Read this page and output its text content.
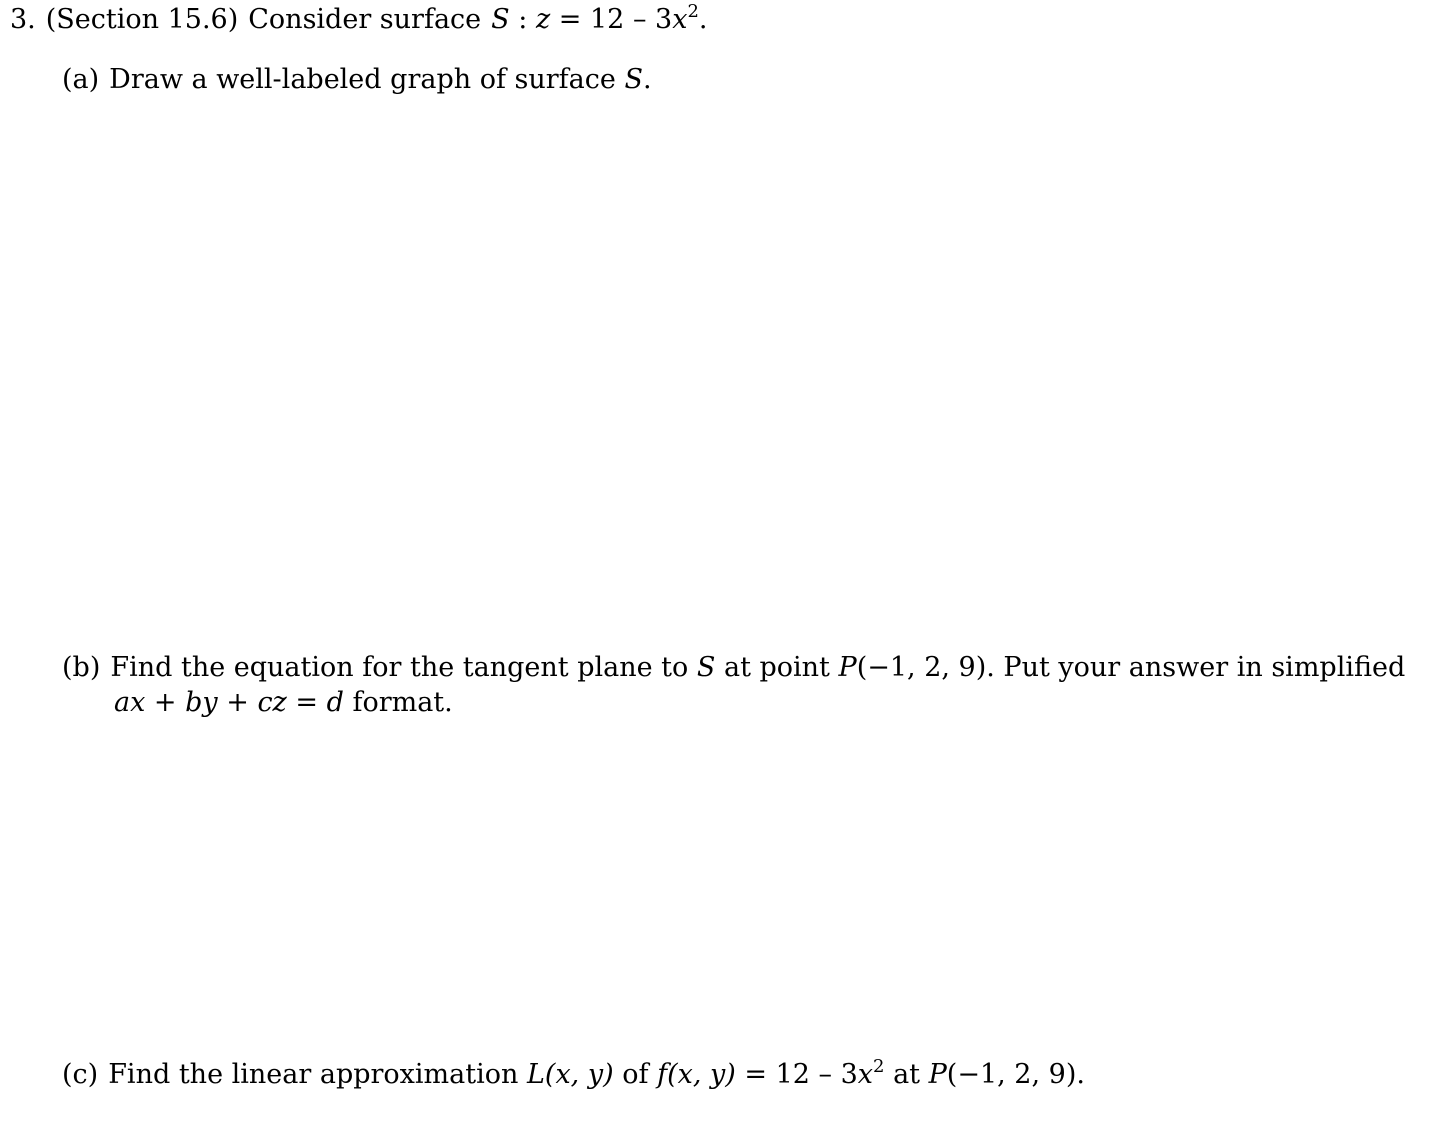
3. (Section 15.6) Consider surface S : $z = 12 - 3x^2$.
(a) Draw a well-labeled graph of surface S.
(b) Find the equation for the tangent plane to S at point P(−1, 2, 9). Put your answer in simplified
ax + by + cz = d format.
(c) Find the linear approximation L(x, y) of f(x, $y) = 12 - 3x^2$ at P(−1, 2, 9).
